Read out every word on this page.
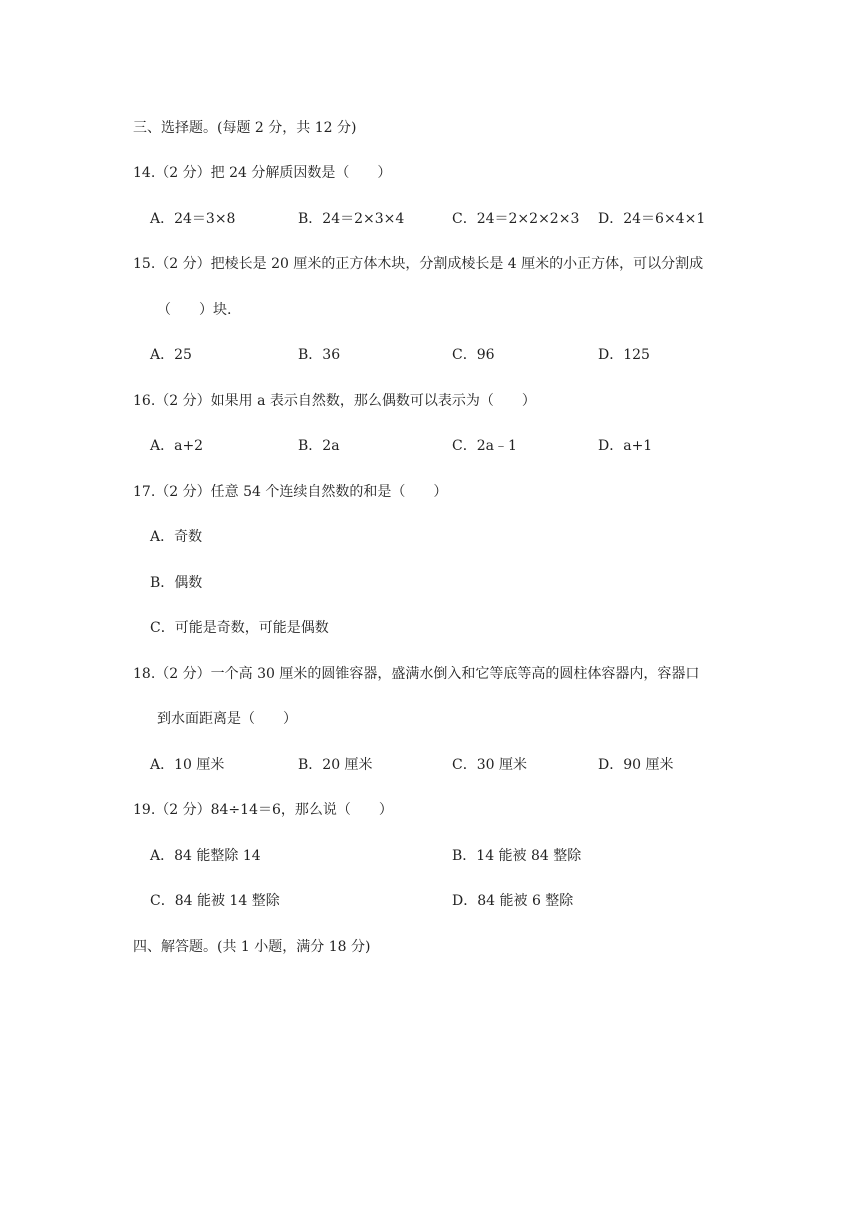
三、选择题。(每题 2 分，共 12 分)
14.（2 分）把 24 分解质因数是（　　）
A．24＝3×8	B．24＝2×3×4	C．24＝2×2×2×3 D．24＝6×4×1
15.（2 分）把棱长是 20 厘米的正方体木块，分割成棱长是 4 厘米的小正方体，可以分割成
（　　）块.
A．25	B．36	C．96	D．125
16.（2 分）如果用 a 表示自然数，那么偶数可以表示为（　　）
A．a+2	B．2a	C．2a﹣1	D．a+1
17.（2 分）任意 54 个连续自然数的和是（　　）
A．奇数
B．偶数
C．可能是奇数，可能是偶数
18.（2 分）一个高 30 厘米的圆锥容器，盛满水倒入和它等底等高的圆柱体容器内，容器口
到水面距离是（　　）
A．10 厘米	B．20 厘米	C．30 厘米	D．90 厘米
19.（2 分）84÷14＝6，那么说（　　）
A．84 能整除 14	B．14 能被 84 整除
C．84 能被 14 整除	D．84 能被 6 整除
四、解答题。(共 1 小题，满分 18 分)
